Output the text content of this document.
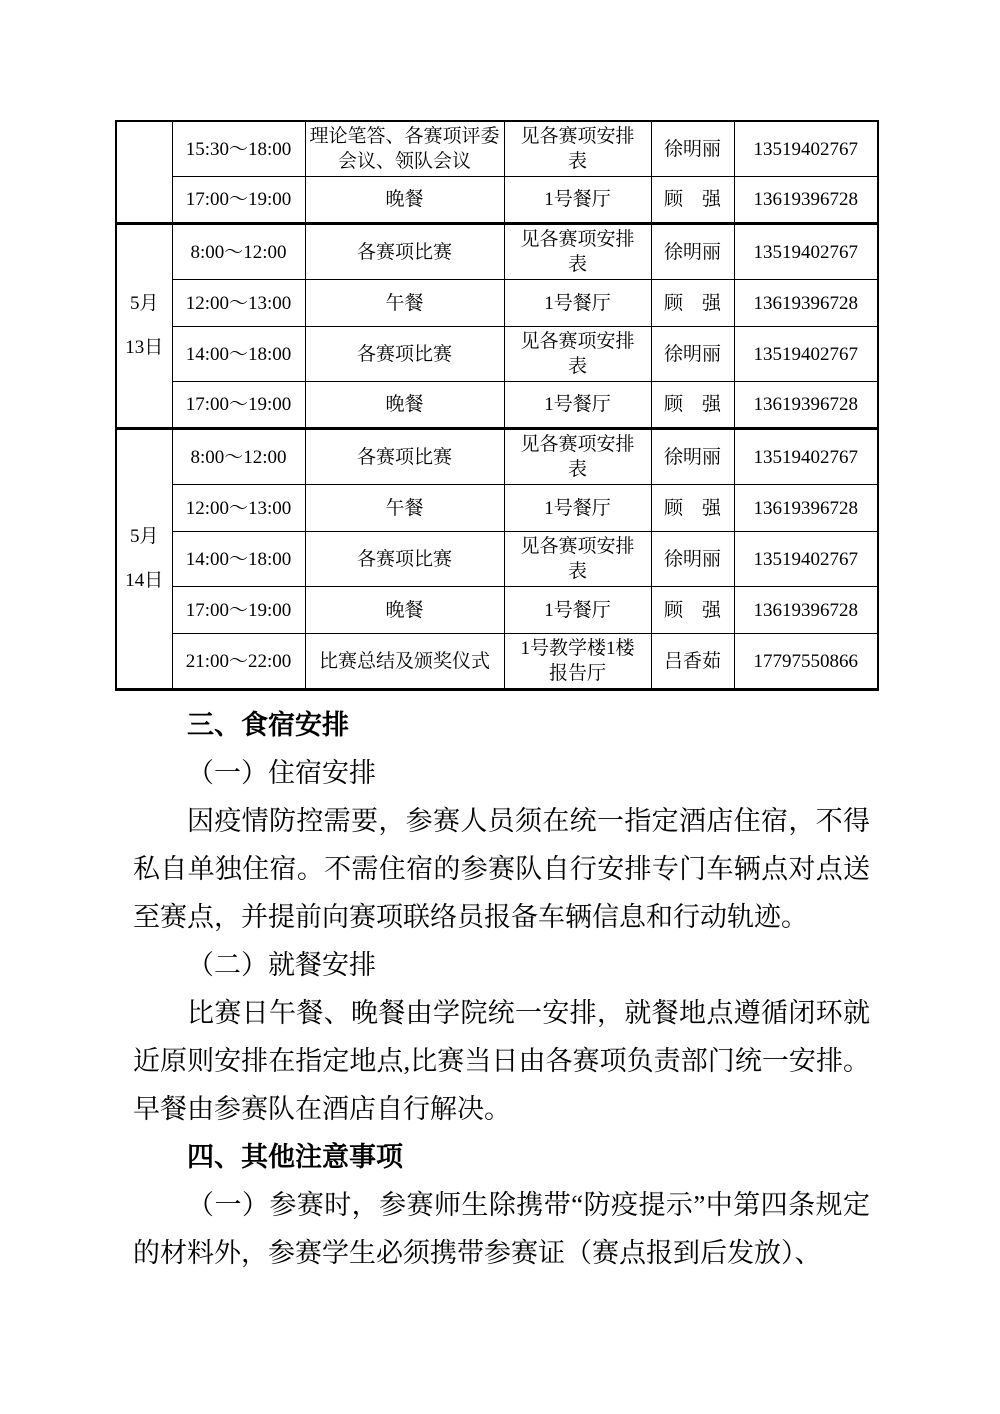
	15:30～18:00	理论笔答、各赛项评委会议、领队会议	见各赛项安排表	徐明丽	13519402767
	17:00～19:00	晚餐	1号餐厅	顾　强	13619396728

5月
13日	8:00～12:00	各赛项比赛	见各赛项安排表	徐明丽	13519402767
	12:00～13:00	午餐	1号餐厅	顾　强	13619396728
	14:00～18:00	各赛项比赛	见各赛项安排表	徐明丽	13519402767
	17:00～19:00	晚餐	1号餐厅	顾　强	13619396728

5月
14日	8:00～12:00	各赛项比赛	见各赛项安排表	徐明丽	13519402767
	12:00～13:00	午餐	1号餐厅	顾　强	13619396728
	14:00～18:00	各赛项比赛	见各赛项安排表	徐明丽	13519402767
	17:00～19:00	晚餐	1号餐厅	顾　强	13619396728
	21:00～22:00	比赛总结及颁奖仪式	1号教学楼1楼报告厅	吕香茹	17797550866
三、食宿安排
（一）住宿安排
因疫情防控需要，参赛人员须在统一指定酒店住宿，不得私自单独住宿。不需住宿的参赛队自行安排专门车辆点对点送至赛点，并提前向赛项联络员报备车辆信息和行动轨迹。
（二）就餐安排
比赛日午餐、晚餐由学院统一安排，就餐地点遵循闭环就近原则安排在指定地点,比赛当日由各赛项负责部门统一安排。早餐由参赛队在酒店自行解决。
四、其他注意事项
（一）参赛时，参赛师生除携带“防疫提示”中第四条规定的材料外，参赛学生必须携带参赛证（赛点报到后发放）、
